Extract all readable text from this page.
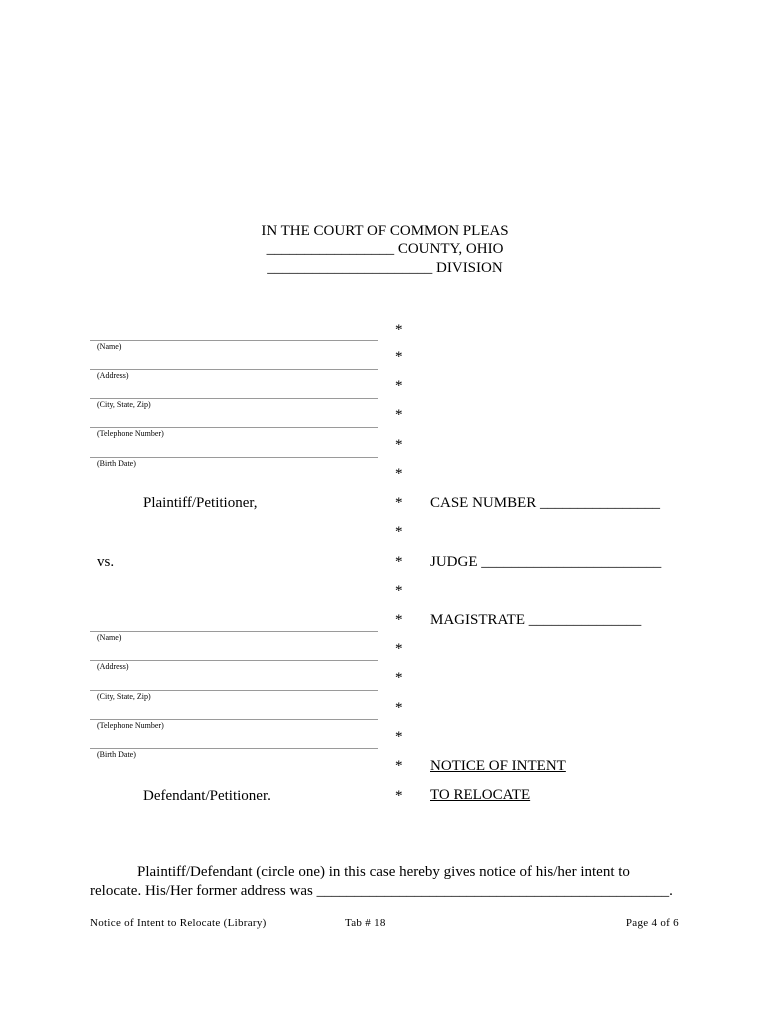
IN THE COURT OF COMMON PLEAS
_________________ COUNTY, OHIO
______________________ DIVISION
(Name)
(Address)
(City, State, Zip)
(Telephone Number)
(Birth Date)
Plaintiff/Petitioner,
vs.
(Name)
(Address)
(City, State, Zip)
(Telephone Number)
(Birth Date)
Defendant/Petitioner.
*
*
*
*
*
*
*
*
*
*
*
*
*
*
*
*
*
CASE NUMBER ________________
JUDGE ________________________
MAGISTRATE _______________
NOTICE OF INTENT
TO RELOCATE
Plaintiff/Defendant (circle one) in this case hereby gives notice of his/her intent to
relocate. His/Her former address was _______________________________________________.
Notice of Intent to Relocate (Library)	Tab # 18	Page 4 of 6
